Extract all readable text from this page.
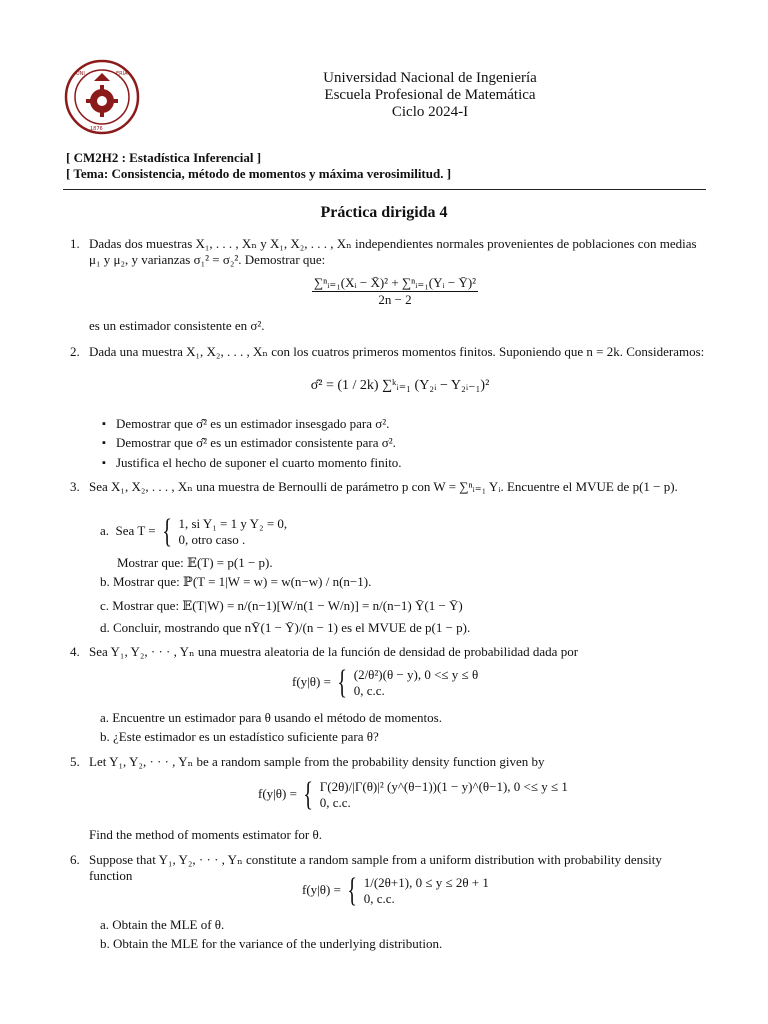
UNI	ERÍA
1876
Universidad Nacional de Ingeniería
Escuela Profesional de Matemática
Ciclo 2024-I
[ CM2H2 : Estadística Inferencial ]
[ Tema: Consistencia, método de momentos y máxima verosimilitud. ]
Práctica dirigida 4
1. Dadas dos muestras X₁, . . . , Xₙ y X₁, X₂, . . . , Xₙ independientes normales provenientes de poblaciones con medias μ₁ y μ₂, y varianzas σ₁² = σ₂². Demostrar que:
$\frac{\text{∑ⁿᵢ₌₁(Xᵢ − X̄)² + ∑ⁿᵢ₌₁(Yᵢ − Ȳ)²}}{2n - 2}$
es un estimador consistente en σ².
2. Dada una muestra X₁, X₂, . . . , Xₙ con los cuatros primeros momentos finitos. Suponiendo que n = 2k. Consideramos:
σ̂² = (1 / 2k) ∑ᵏᵢ₌₁ (Y₂ᵢ − Y₂ᵢ₋₁)²
▪ Demostrar que σ̂² es un estimador insesgado para σ².
▪ Demostrar que σ̂² es un estimador consistente para σ².
▪ Justifica el hecho de suponer el cuarto momento finito.
3. Sea X₁, X₂, . . . , Xₙ una muestra de Bernoulli de parámetro p con W = ∑ⁿᵢ₌₁ Yᵢ. Encuentre el MVUE de p(1 − p).
a. Sea T = { 1, si Y₁ = 1 y Y₂ = 0,
0, otro caso .
Mostrar que: 𝔼(T) = p(1 − p).
b. Mostrar que: ℙ(T = 1|W = w) = w(n−w) / n(n−1).
c. Mostrar que: 𝔼(T|W) = n/(n−1)[W/n(1 − W/n)] = n/(n−1) Ȳ(1 − Ȳ)
d. Concluir, mostrando que nȲ(1 − Ȳ)/(n − 1) es el MVUE de p(1 − p).
4. Sea Y₁, Y₂, · · · , Yₙ una muestra aleatoria de la función de densidad de probabilidad dada por
f(y|θ) = { (2/θ²)(θ − y), 0 <≤ y ≤ θ
0, c.c.
a. Encuentre un estimador para θ usando el método de momentos.
b. ¿Este estimador es un estadístico suficiente para θ?
5. Let Y₁, Y₂, · · · , Yₙ be a random sample from the probability density function given by
f(y|θ) = { Γ(2θ)/|Γ(θ)|² (y^(θ−1))(1 − y)^(θ−1), 0 <≤ y ≤ 1
0, c.c.
Find the method of moments estimator for θ.
6. Suppose that Y₁, Y₂, · · · , Yₙ constitute a random sample from a uniform distribution with probability density function
f(y|θ) = { 1/(2θ+1), 0 ≤ y ≤ 2θ + 1
0, c.c.
a. Obtain the MLE of θ.
b. Obtain the MLE for the variance of the underlying distribution.
